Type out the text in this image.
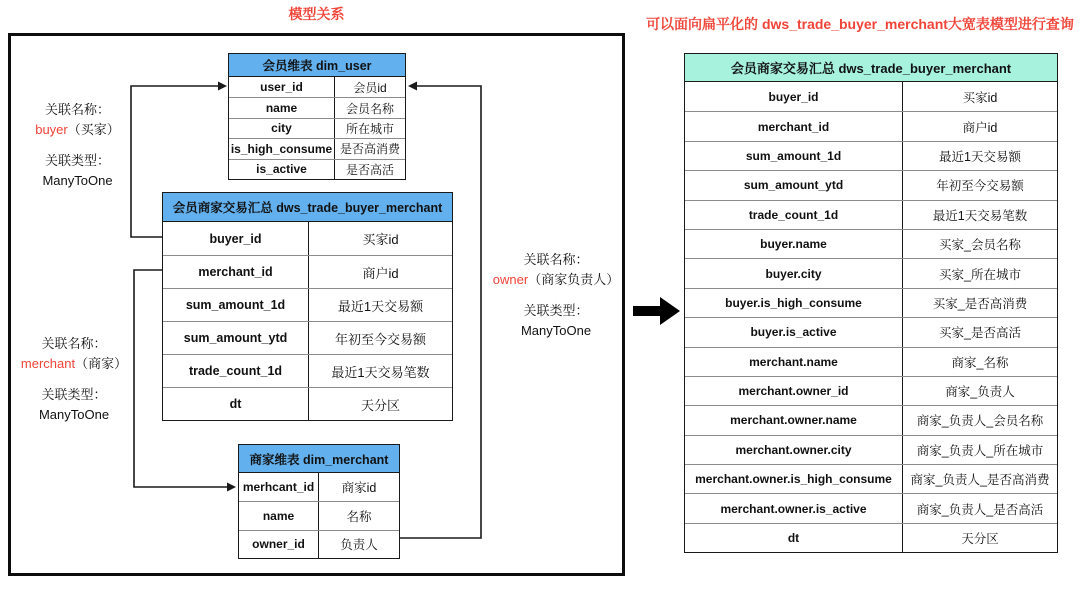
模型关系
可以面向扁平化的 dws_trade_buyer_merchant大宽表模型进行查询
会员维表 dim_user
user_id	会员id
name	会员名称
city	所在城市
is_high_consume 是否高消费
is_active	是否高活
会员商家交易汇总 dws_trade_buyer_merchant
buyer_id	买家id
merchant_id	商户id
sum_amount_1d	最近1天交易额
sum_amount_ytd	年初至今交易额
trade_count_1d	最近1天交易笔数
dt	天分区
商家维表 dim_merchant
merhcant_id	商家id
name	名称
owner_id	负责人
会员商家交易汇总 dws_trade_buyer_merchant
buyer_id	买家id
merchant_id	商户id
sum_amount_1d	最近1天交易额
sum_amount_ytd	年初至今交易额
trade_count_1d	最近1天交易笔数
buyer.name	买家_会员名称
buyer.city	买家_所在城市
buyer.is_high_consume	买家_是否高消费
buyer.is_active	买家_是否高活
merchant.name	商家_名称
merchant.owner_id	商家_负责人
merchant.owner.name	商家_负责人_会员名称
merchant.owner.city	商家_负责人_所在城市
merchant.owner.is_high_consume	商家_负责人_是否高消费
merchant.owner.is_active	商家_负责人_是否高活
dt	天分区
关联名称：
buyer（买家）
关联类型：
ManyToOne
关联名称：
merchant（商家）
关联类型：
ManyToOne
关联名称：
owner（商家负责人）
关联类型：
ManyToOne
